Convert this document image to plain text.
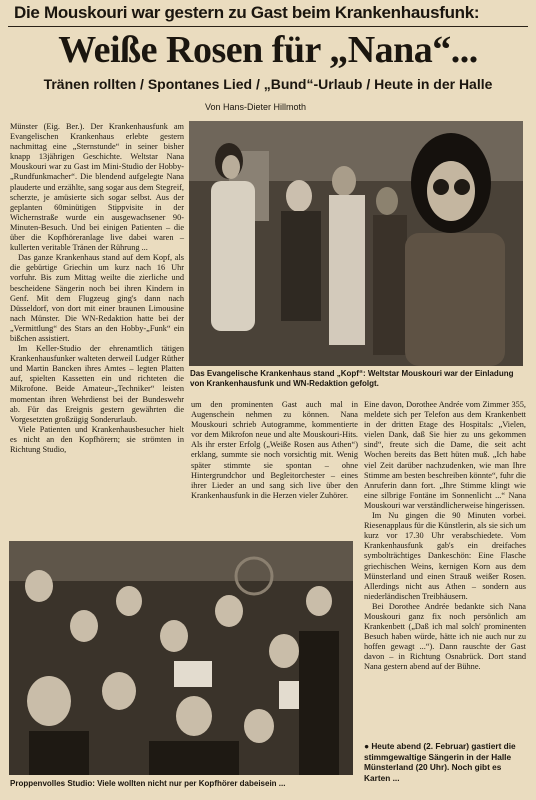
Die Mouskouri war gestern zu Gast beim Krankenhausfunk:
Weiße Rosen für „Nana“...
Tränen rollten / Spontanes Lied / „Bund“-Urlaub / Heute in der Halle
Von Hans-Dieter Hillmoth

Münster (Eig. Ber.). Der Krankenhausfunk am Evangelischen Krankenhaus erlebte gestern nachmittag eine „Sternstunde“ in seiner bisher knapp 13jährigen Geschichte. Weltstar Nana Mouskouri war zu Gast im Mini-Studio der Hobby-„Rundfunkmacher“. Die blendend aufgelegte Nana plauderte und erzählte, sang sogar aus dem Stegreif, scherzte, je amüsierte sich sogar selbst. Aus der geplanten 60minütigen Stippvisite in der Wichernstraße wurde ein ausgewachsener 90-Minuten-Besuch. Und bei einigen Patienten – die über die Kopfhöreranlage live dabei waren – kullerten veritable Tränen der Rührung ...

Das ganze Krankenhaus stand auf dem Kopf, als die gebürtige Griechin um kurz nach 16 Uhr vorfuhr. Bis zum Mittag weilte die zierliche und bescheidene Sängerin noch bei ihren Kindern in Genf. Mit dem Flugzeug ging's dann nach Düsseldorf, von dort mit einer braunen Limousine nach Münster. Die WN-Redaktion hatte bei der „Vermittlung“ des Stars an den Hobby-„Funk“ ein bißchen assistiert.

Im Keller-Studio der ehrenamtlich tätigen Krankenhausfunker walteten derweil Ludger Rüther und Martin Bancken ihres Amtes – legten Platten auf, spielten Kassetten ein und richteten die Mikrofone. Beide Amateur-„Techniker“ leisten momentan ihren Wehrdienst bei der Bundeswehr ab. Für das Ereignis gestern gewährten die Vorgesetzten großzügig Sonderurlaub.

Viele Patienten und Krankenhausbesucher hielt es nicht an den Kopfhörern; sie strömten in Richtung Studio,

Das Evangelische Krankenhaus stand „Kopf“: Weltstar Mouskouri war der Einladung von Krankenhausfunk und WN-Redaktion gefolgt.

um den prominenten Gast auch mal in Augenschein nehmen zu können. Nana Mouskouri schrieb Autogramme, kommentierte vor dem Mikrofon neue und alte Mouskouri-Hits. Als ihr erster Erfolg („Weiße Rosen aus Athen“) erklang, summte sie noch vorsichtig mit. Wenig später stimmte sie spontan – ohne Hintergrundchor und Begleitorchester – eines ihrer Lieder an und sang sich live über den Krankenhausfunk in die Herzen vieler Zuhörer.

Eine davon, Dorothee Andrée vom Zimmer 355, meldete sich per Telefon aus dem Krankenbett in der dritten Etage des Hospitals: „Vielen, vielen Dank, daß Sie hier zu uns gekommen sind“, freute sich die Dame, die seit acht Wochen bereits das Bett hüten muß. „Ich habe viel Zeit darüber nachzudenken, wie man Ihre Stimme am besten beschreiben könnte“, fuhr die Anruferin dann fort. „Ihre Stimme klingt wie eine silbrige Fontäne im Sonnenlicht ...“ Nana Mouskouri war verständlicherweise hingerissen.

Im Nu gingen die 90 Minuten vorbei. Riesenapplaus für die Künstlerin, als sie sich um kurz vor 17.30 Uhr verabschiedete. Vom Krankenhausfunk gab's ein dreifaches symbolträchtiges Dankeschön: Eine Flasche griechischen Weins, kernigen Korn aus dem Münsterland und einen Strauß weißer Rosen. Allerdings nicht aus Athen – sondern aus niederländischen Treibhäusern.

Bei Dorothee Andrée bedankte sich Nana Mouskouri ganz fix noch persönlich am Krankenbett („Daß ich mal solch' prominenten Besuch haben würde, hätte ich nie auch nur zu hoffen gewagt ...“). Dann rauschte der Gast davon – in Richtung Osnabrück. Dort stand Nana gestern abend auf der Bühne.

● Heute abend (2. Februar) gastiert die stimmgewaltige Sängerin in der Halle Münsterland (20 Uhr). Noch gibt es Karten ...
Proppenvolles Studio: Viele wollten nicht nur per Kopfhörer dabeisein ...
